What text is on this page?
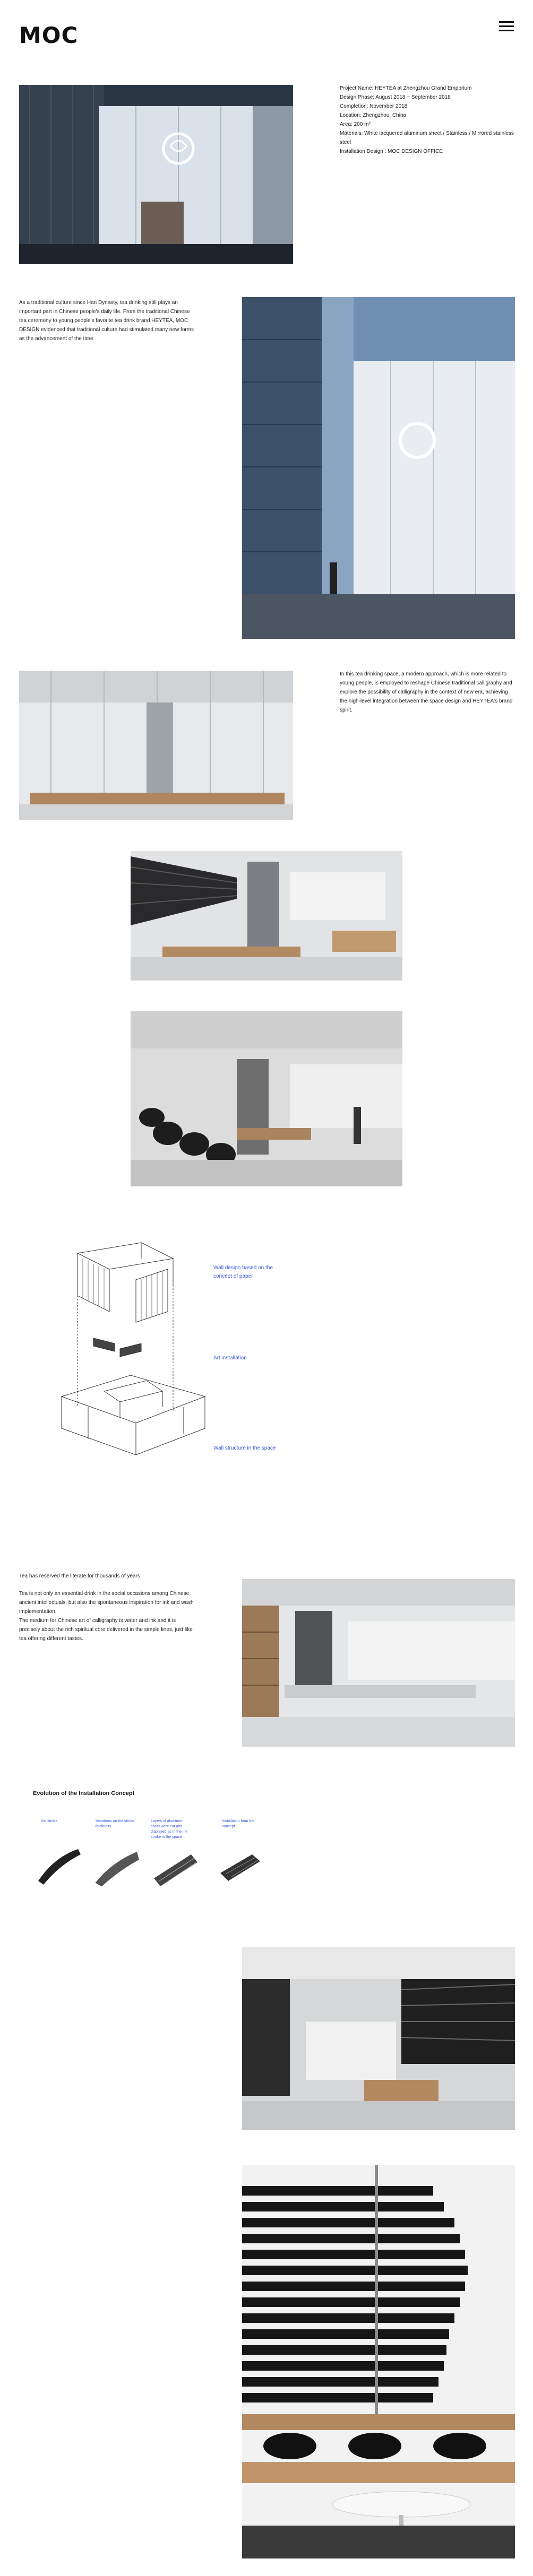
MOC
Project Name: HEYTEA at Zhengzhou Grand Emporium
Design Phase: August 2018 ~ September 2018
Completion: November 2018
Location: Zhengzhou, China
Area: 200 m²
Materials: White lacquered aluminum sheet / Stainless / Mirrored stainless steel
Installation Design : MOC DESIGN OFFICE
As a traditional culture since Han Dynasty, tea drinking still plays an important part in Chinese people's daily life. From the traditional Chinese tea ceremony to young people's favorite tea drink brand HEYTEA, MOC DESIGN evidenced that traditional culture had stimulated many new forms as the advancement of the time.
In this tea drinking space, a modern approach, which is more related to young people, is employed to reshape Chinese traditional calligraphy and explore the possibility of calligraphy in the context of new era, achieving the high-level integration between the space design and HEYTEA's brand spirit.
Wall design based on the concept of paper
Art installation
Wall structure in the space
Tea has reserved the literate for thousands of years.
Tea is not only an essential drink in the social occasions among Chinese ancient intellectuals, but also the spontaneous inspiration for ink and wash implementation.
The medium for Chinese art of calligraphy is water and ink and it is precisely about the rich spiritual core delivered in the simple lines, just like tea offering different tastes.
Evolution of the Installation Concept
Ink stroke	Variations on the stroke thickness
Layers of aluminum sheet were cut and displayed as in the ink stroke in the space
Installation from the concept
